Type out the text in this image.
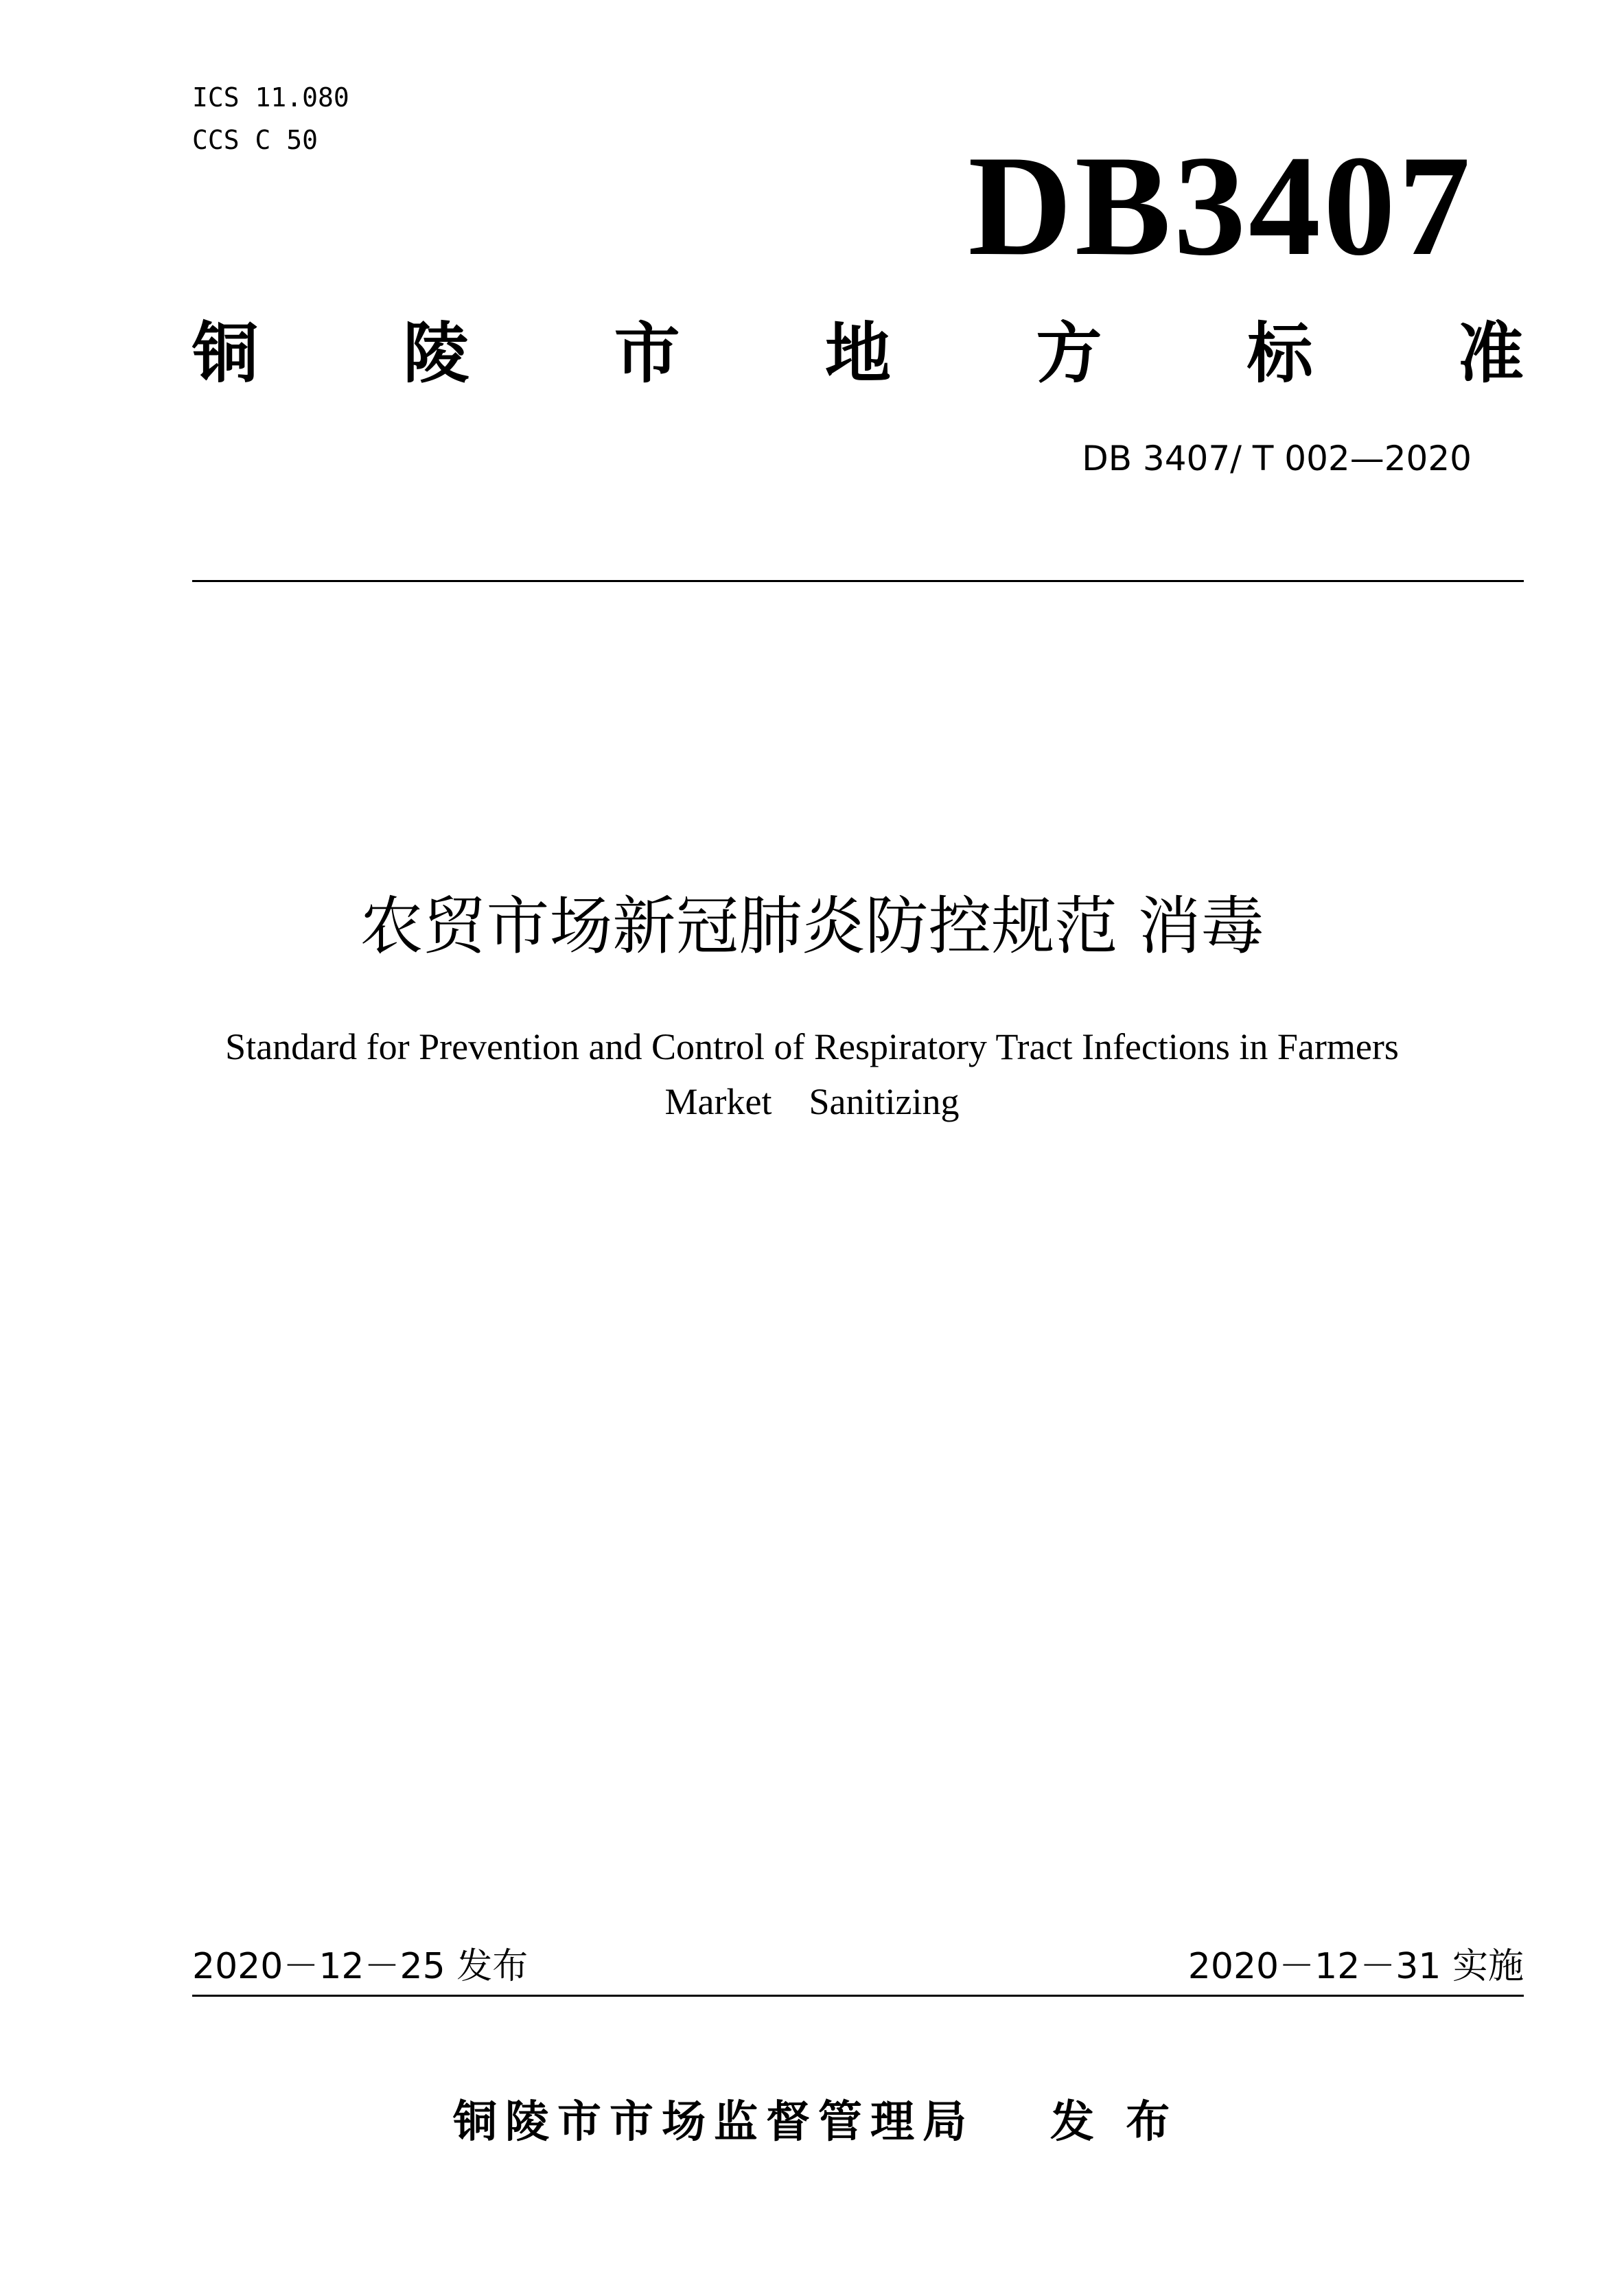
ICS 11.080
CCS C 50	DB3407
铜 陵 市 地 方 标 准
DB 3407/ T 002—2020
农贸市场新冠肺炎防控规范 消毒
Standard for Prevention and Control of Respiratory Tract Infections in Farmers
Market    Sanitizing
2020－12－25 发布	2020－12－31 实施
铜陵市市场监督管理局 发 布
